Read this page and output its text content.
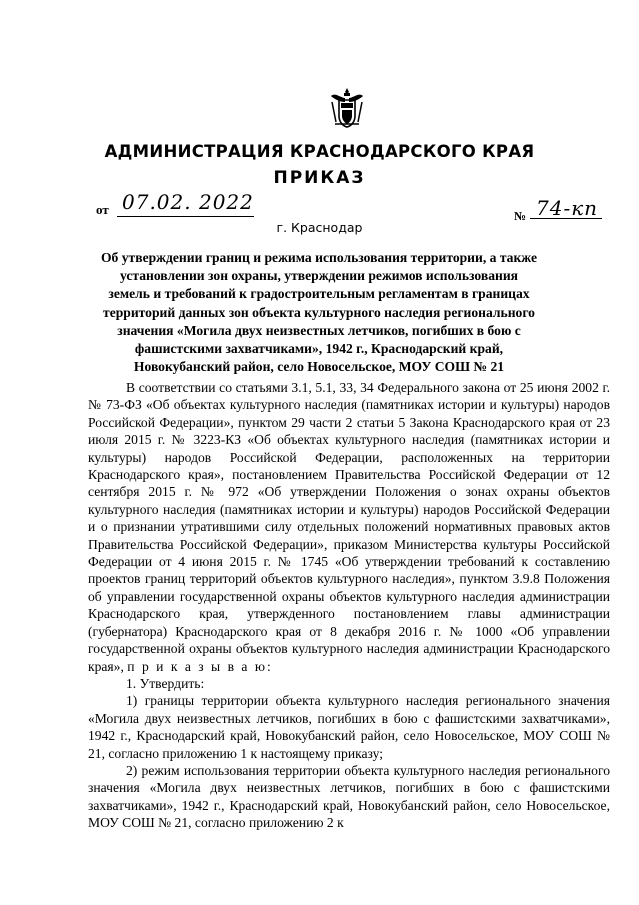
АДМИНИСТРАЦИЯ КРАСНОДАРСКОГО КРАЯ
ПРИКАЗ
от 07.02. 2022
г. Краснодар
№ 74-кп
Об утверждении границ и режима использования территории, а также установлении зон охраны, утверждении режимов использования земель и требований к градостроительным регламентам в границах территорий данных зон объекта культурного наследия регионального значения «Могила двух неизвестных летчиков, погибших в бою с фашистскими захватчиками», 1942 г., Краснодарский край, Новокубанский район, село Новосельское, МОУ СОШ № 21

В соответствии со статьями 3.1, 5.1, 33, 34 Федерального закона от 25 июня 2002 г. № 73-ФЗ «Об объектах культурного наследия (памятниках истории и культуры) народов Российской Федерации», пунктом 29 части 2 статьи 5 Закона Краснодарского края от 23 июля 2015 г. № 3223-КЗ «Об объектах культурного наследия (памятниках истории и культуры) народов Российской Федерации, расположенных на территории Краснодарского края», постановлением Правительства Российской Федерации от 12 сентября 2015 г. № 972 «Об утверждении Положения о зонах охраны объектов культурного наследия (памятниках истории и культуры) народов Российской Федерации и о признании утратившими силу отдельных положений нормативных правовых актов Правительства Российской Федерации», приказом Министерства культуры Российской Федерации от 4 июня 2015 г. № 1745 «Об утверждении требований к составлению проектов границ территорий объектов культурного наследия», пунктом 3.9.8 Положения об управлении государственной охраны объектов культурного наследия администрации Краснодарского края, утвержденного постановлением главы администрации (губернатора) Краснодарского края от 8 декабря 2016 г. № 1000 «Об управлении государственной охраны объектов культурного наследия администрации Краснодарского края», п р и к а з ы в а ю:

1. Утвердить:

1) границы территории объекта культурного наследия регионального значения «Могила двух неизвестных летчиков, погибших в бою с фашистскими захватчиками», 1942 г., Краснодарский край, Новокубанский район, село Новосельское, МОУ СОШ № 21, согласно приложению 1 к настоящему приказу;

2) режим использования территории объекта культурного наследия регионального значения «Могила двух неизвестных летчиков, погибших в бою с фашистскими захватчиками», 1942 г., Краснодарский край, Новокубанский район, село Новосельское, МОУ СОШ № 21, согласно приложению 2 к
